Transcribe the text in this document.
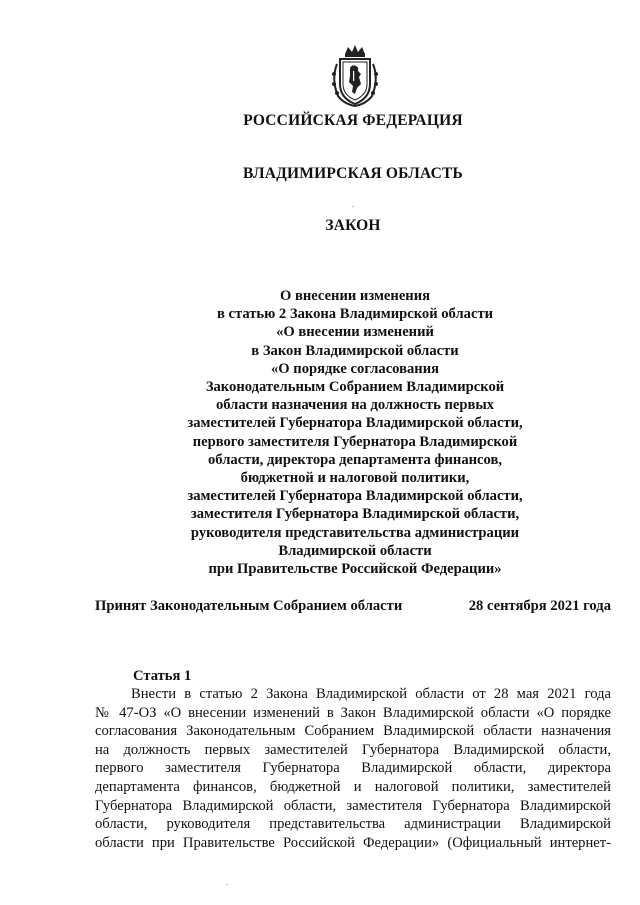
РОССИЙСКАЯ ФЕДЕРАЦИЯ
ВЛАДИМИРСКАЯ ОБЛАСТЬ
ЗАКОН
О внесении изменения
в статью 2 Закона Владимирской области
«О внесении изменений
в Закон Владимирской области
«О порядке согласования
Законодательным Собранием Владимирской
области назначения на должность первых
заместителей Губернатора Владимирской области,
первого заместителя Губернатора Владимирской
области, директора департамента финансов,
бюджетной и налоговой политики,
заместителей Губернатора Владимирской области,
заместителя Губернатора Владимирской области,
руководителя представительства администрации
Владимирской области
при Правительстве Российской Федерации»
Принят Законодательным Собранием области	28 сентября 2021 года
Статья 1
Внести в статью 2 Закона Владимирской области от 28 мая 2021 года
№ 47-ОЗ «О внесении изменений в Закон Владимирской области «О порядке
согласования Законодательным Собранием Владимирской области назначения
на должность первых заместителей Губернатора Владимирской области,
первого заместителя Губернатора Владимирской области, директора
департамента финансов, бюджетной и налоговой политики, заместителей
Губернатора Владимирской области, заместителя Губернатора Владимирской
области, руководителя представительства администрации Владимирской
области при Правительстве Российской Федерации» (Официальный интернет-
